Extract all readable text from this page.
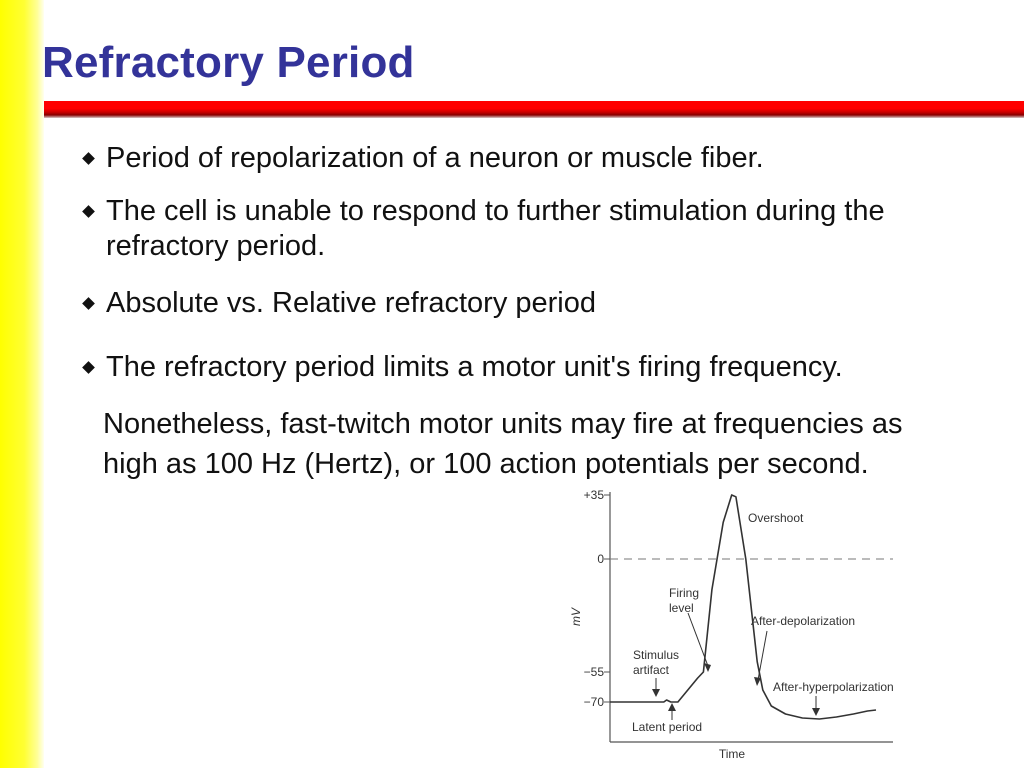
Refractory Period
Period of repolarization of a neuron or muscle fiber.
The cell is unable to respond to further stimulation during the refractory period.
Absolute vs. Relative refractory period
The refractory period limits a motor unit's firing frequency.

Nonetheless, fast-twitch motor units may fire at frequencies as high as 100 Hz (Hertz), or 100 action potentials per second.

+35
0
−55
−70
mV
Time
Overshoot
Firing level
After-depolarization
Stimulus artifact
After-hyperpolarization
Latent period
